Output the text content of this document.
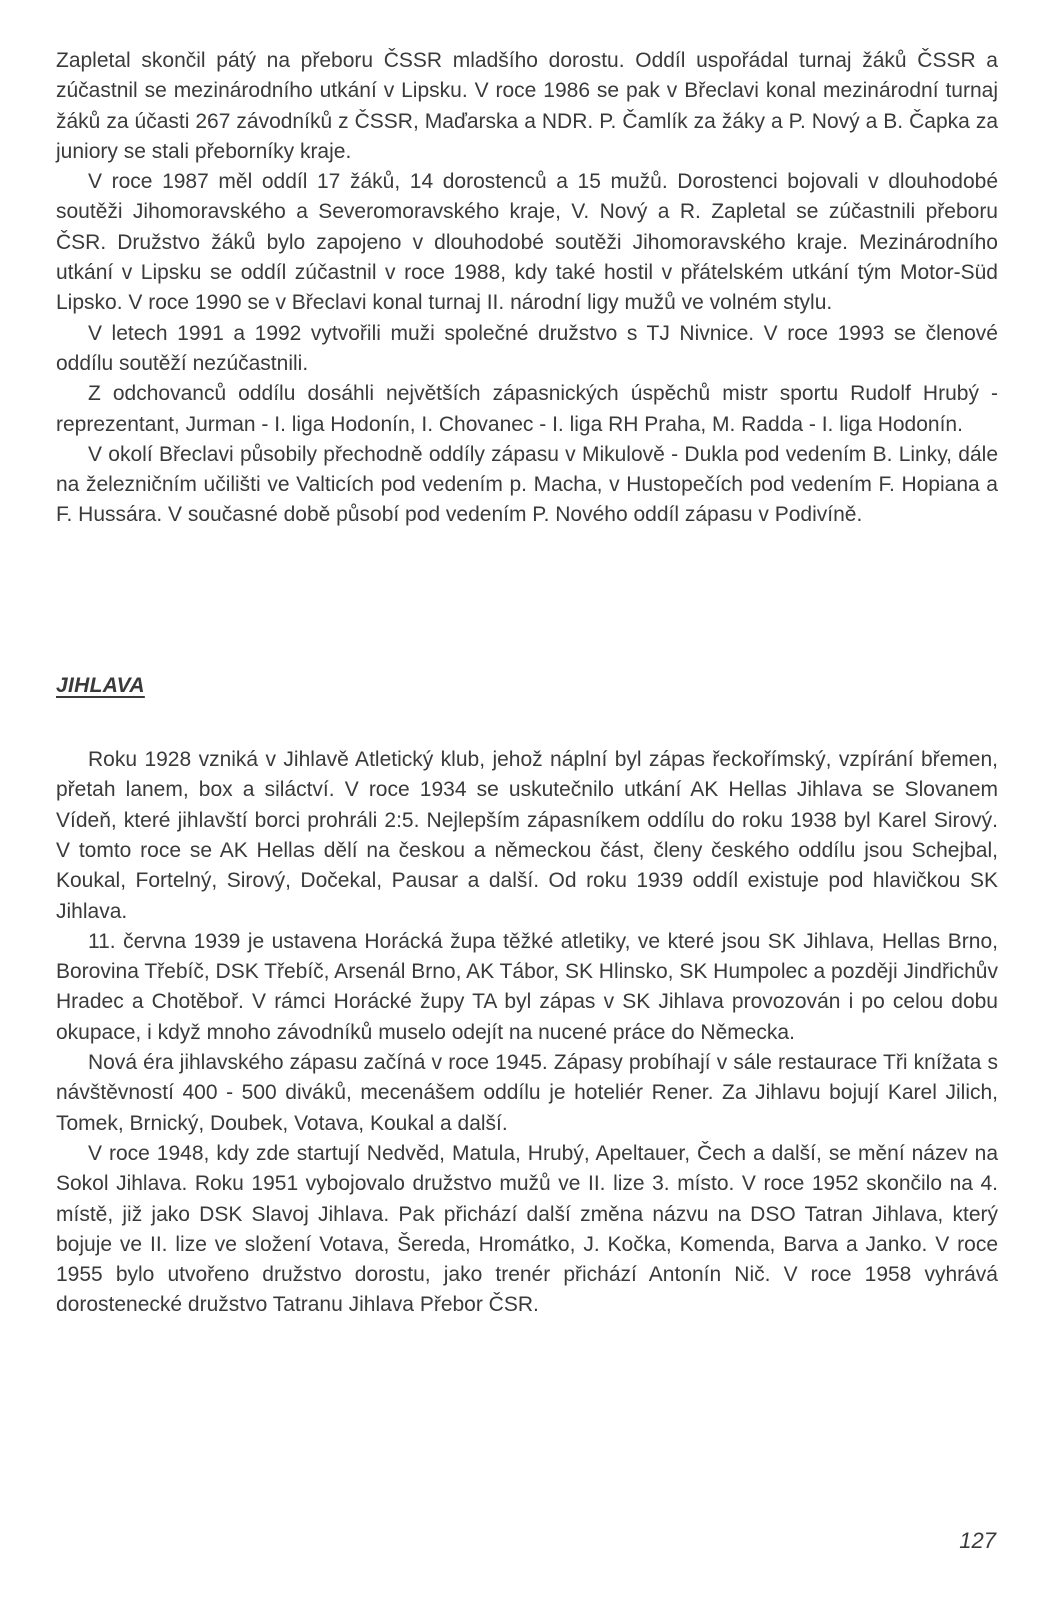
Zapletal skončil pátý na přeboru ČSSR mladšího dorostu. Oddíl uspořádal turnaj žáků ČSSR a zúčastnil se mezinárodního utkání v Lipsku. V roce 1986 se pak v Břeclavi konal mezinárodní turnaj žáků za účasti 267 závodníků z ČSSR, Maďarska a NDR. P. Čamlík za žáky a P. Nový a B. Čapka za juniory se stali přeborníky kraje.

V roce 1987 měl oddíl 17 žáků, 14 dorostenců a 15 mužů. Dorostenci bojovali v dlouhodobé soutěži Jihomoravského a Severomoravského kraje, V. Nový a R. Zapletal se zúčastnili přeboru ČSR. Družstvo žáků bylo zapojeno v dlouhodobé soutěži Jihomoravského kraje. Mezinárodního utkání v Lipsku se oddíl zúčastnil v roce 1988, kdy také hostil v přátelském utkání tým Motor-Süd Lipsko. V roce 1990 se v Břeclavi konal turnaj II. národní ligy mužů ve volném stylu.

V letech 1991 a 1992 vytvořili muži společné družstvo s TJ Nivnice. V roce 1993 se členové oddílu soutěží nezúčastnili.

Z odchovanců oddílu dosáhli největších zápasnických úspěchů mistr sportu Rudolf Hrubý - reprezentant, Jurman - I. liga Hodonín, I. Chovanec - I. liga RH Praha, M. Radda - I. liga Hodonín.

V okolí Břeclavi působily přechodně oddíly zápasu v Mikulově - Dukla pod vedením B. Linky, dále na železničním učilišti ve Valticích pod vedením p. Macha, v Hustopečích pod vedením F. Hopiana a F. Hussára. V současné době působí pod vedením P. Nového oddíl zápasu v Podivíně.

JIHLAVA

Roku 1928 vzniká v Jihlavě Atletický klub, jehož náplní byl zápas řeckořímský, vzpírání břemen, přetah lanem, box a siláctví. V roce 1934 se uskutečnilo utkání AK Hellas Jihlava se Slovanem Vídeň, které jihlavští borci prohráli 2:5. Nejlepším zápasníkem oddílu do roku 1938 byl Karel Sirový. V tomto roce se AK Hellas dělí na českou a německou část, členy českého oddílu jsou Schejbal, Koukal, Fortelný, Sirový, Dočekal, Pausar a další. Od roku 1939 oddíl existuje pod hlavičkou SK Jihlava.

11. června 1939 je ustavena Horácká župa těžké atletiky, ve které jsou SK Jihlava, Hellas Brno, Borovina Třebíč, DSK Třebíč, Arsenál Brno, AK Tábor, SK Hlinsko, SK Humpolec a později Jindřichův Hradec a Chotěboř. V rámci Horácké župy TA byl zápas v SK Jihlava provozován i po celou dobu okupace, i když mnoho závodníků muselo odejít na nucené práce do Německa.

Nová éra jihlavského zápasu začíná v roce 1945. Zápasy probíhají v sále restaurace Tři knížata s návštěvností 400 - 500 diváků, mecenášem oddílu je hoteliér Rener. Za Jihlavu bojují Karel Jilich, Tomek, Brnický, Doubek, Votava, Koukal a další.

V roce 1948, kdy zde startují Nedvěd, Matula, Hrubý, Apeltauer, Čech a další, se mění název na Sokol Jihlava. Roku 1951 vybojovalo družstvo mužů ve II. lize 3. místo. V roce 1952 skončilo na 4. místě, již jako DSK Slavoj Jihlava. Pak přichází další změna názvu na DSO Tatran Jihlava, který bojuje ve II. lize ve složení Votava, Šereda, Hromátko, J. Kočka, Komenda, Barva a Janko. V roce 1955 bylo utvořeno družstvo dorostu, jako trenér přichází Antonín Nič. V roce 1958 vyhrává dorostenecké družstvo Tatranu Jihlava Přebor ČSR.

127
